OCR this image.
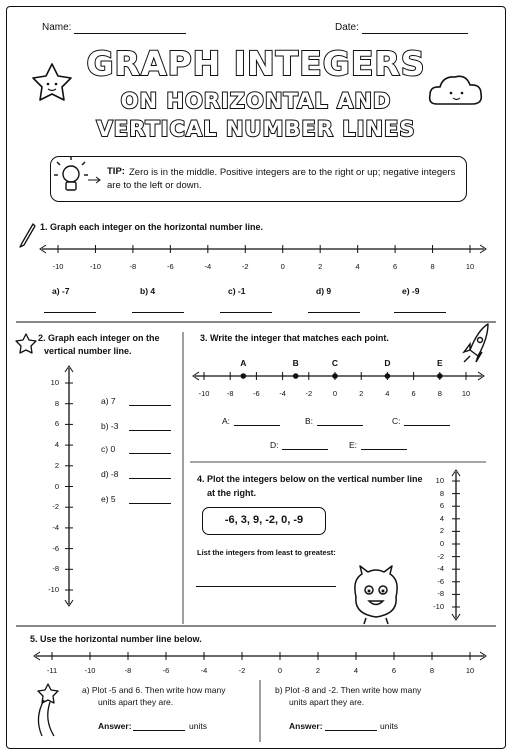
Name:	Date:
GRAPH INTEGERS
ON HORIZONTAL AND
VERTICAL NUMBER LINES
TIP: Zero is in the middle. Positive integers are to the right or up; negative integers are to the left or down.
1. Graph each integer on the horizontal number line.
-10	-10	-8	-6	-4	-2	0	2	4	6	8	10
a) -7	b) 4	c) -1	d) 9	e) -9
2. Graph each integer on the
vertical number line.
10
8
6
4
2
0
-2
-4
-6
-8
-10
a) 7
b) -3
c) 0
d) -8
e) 5
3. Write the integer that matches each point.
A	B	C	D	E
-10	-8	-6	-4	-2	0	2	4	6	8	10
A:	B:	C:
D:	E:
4. Plot the integers below on the vertical number line
at the right.
-6, 3, 9, -2, 0, -9
List the integers from least to greatest:
10
8
6
4
2
0
-2
-4
-6
-8
-10
5. Use the horizontal number line below.
-11	-10	-8	-6	-4	-2	0	2	4	6	8	10
a) Plot -5 and 6. Then write how many
units apart they are.
Answer:	units
b) Plot -8 and -2. Then write how many
units apart they are.
Answer:	units
